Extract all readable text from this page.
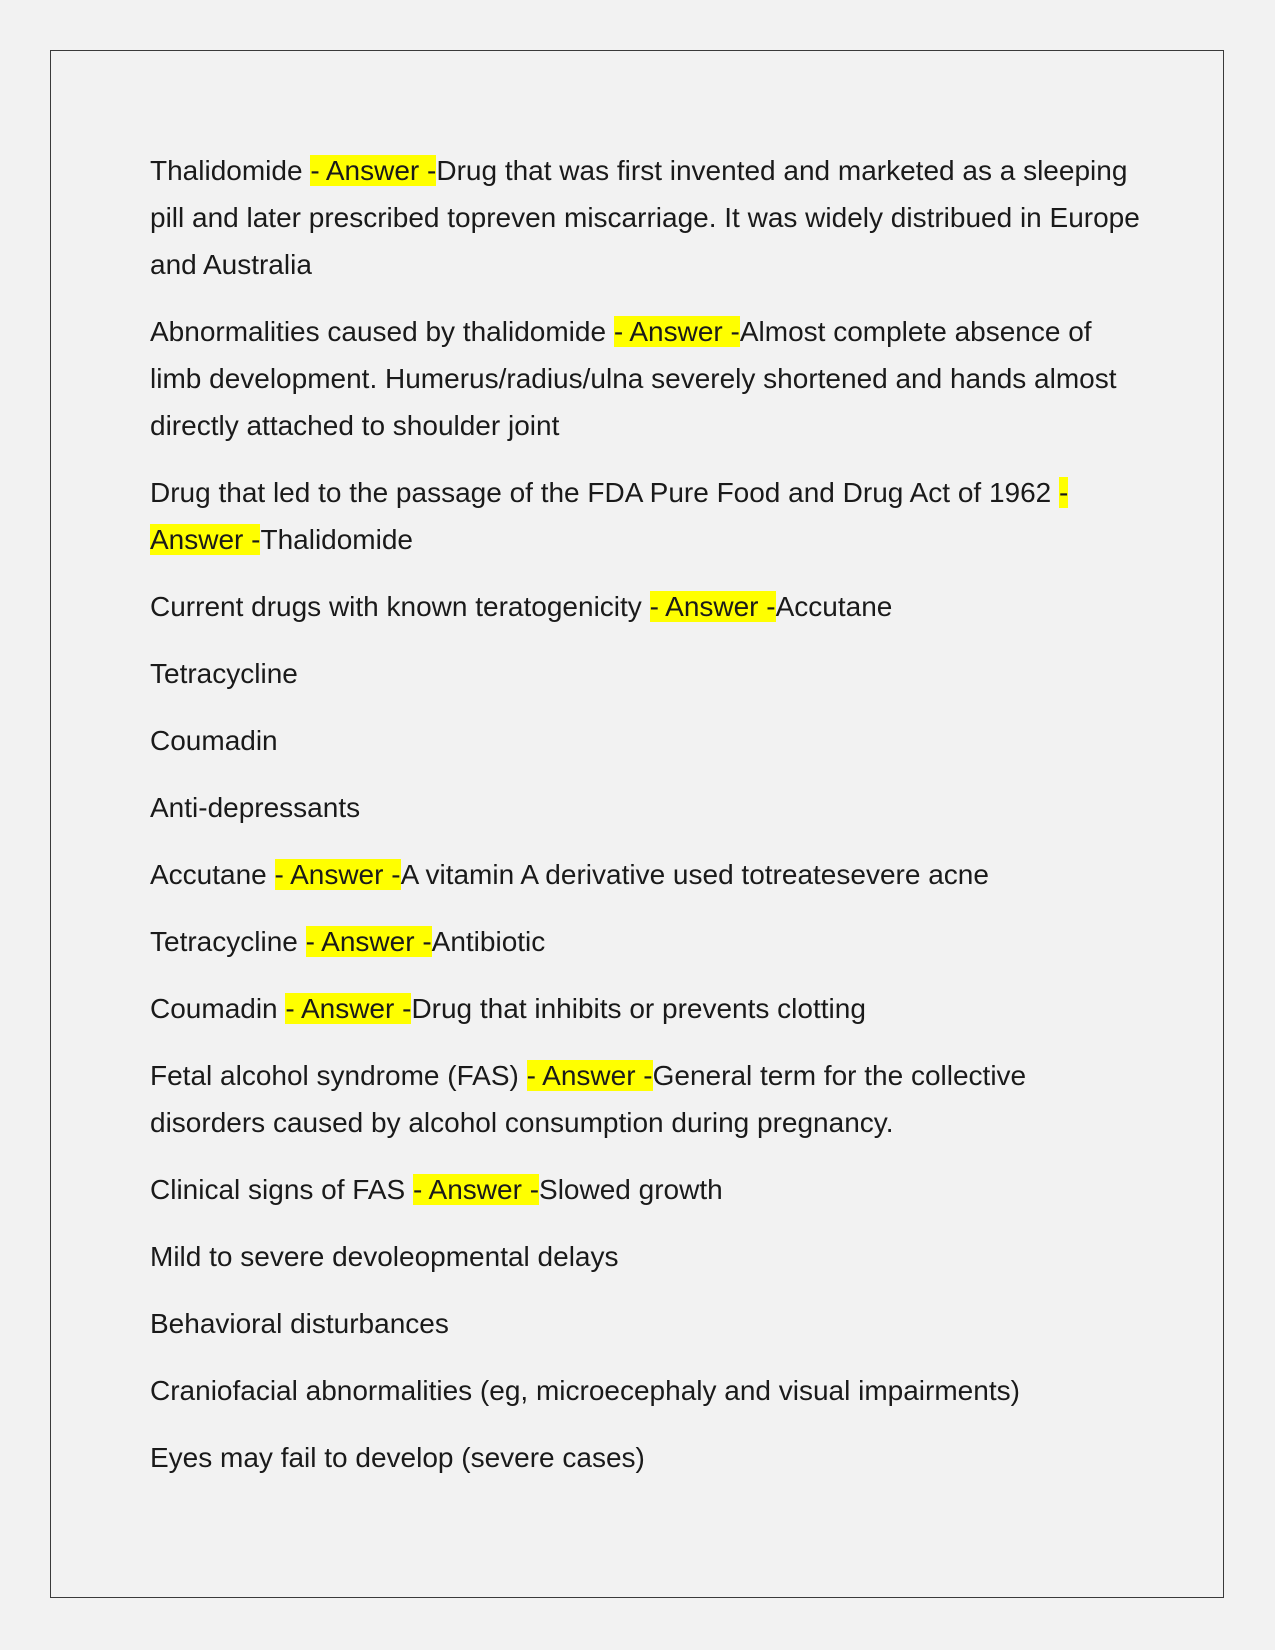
Thalidomide - Answer -Drug that was first invented and marketed as a sleeping pill and later prescribed topreven miscarriage. It was widely distribued in Europe and Australia

Abnormalities caused by thalidomide - Answer -Almost complete absence of limb development. Humerus/radius/ulna severely shortened and hands almost directly attached to shoulder joint

Drug that led to the passage of the FDA Pure Food and Drug Act of 1962 - Answer -Thalidomide

Current drugs with known teratogenicity - Answer -Accutane

Tetracycline

Coumadin

Anti-depressants

Accutane - Answer -A vitamin A derivative used totreatesevere acne

Tetracycline - Answer -Antibiotic

Coumadin - Answer -Drug that inhibits or prevents clotting

Fetal alcohol syndrome (FAS) - Answer -General term for the collective disorders caused by alcohol consumption during pregnancy.

Clinical signs of FAS - Answer -Slowed growth

Mild to severe devoleopmental delays

Behavioral disturbances

Craniofacial abnormalities (eg, microecephaly and visual impairments)

Eyes may fail to develop (severe cases)
